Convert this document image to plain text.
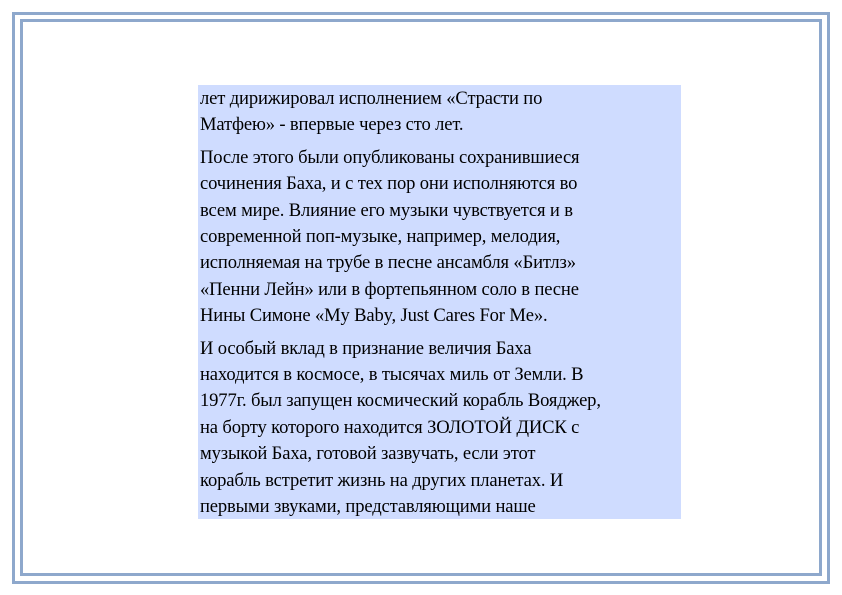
лет дирижировал исполнением «Страсти по
Матфею» - впервые через сто лет.

После этого были опубликованы сохранившиеся
сочинения Баха, и с тех пор они исполняются во
всем мире. Влияние его музыки чувствуется и в
современной поп-музыке, например, мелодия,
исполняемая на трубе в песне ансамбля «Битлз»
«Пенни Лейн» или в фортепьянном соло в песне
Нины Симоне «My Baby, Just Cares For Me».

И особый вклад в признание величия Баха
находится в космосе, в тысячах миль от Земли. В
1977г. был запущен космический корабль Вояджер,
на борту которого находится ЗОЛОТОЙ ДИСК с
музыкой Баха, готовой зазвучать, если этот
корабль встретит жизнь на других планетах. И
первыми звуками, представляющими наше
